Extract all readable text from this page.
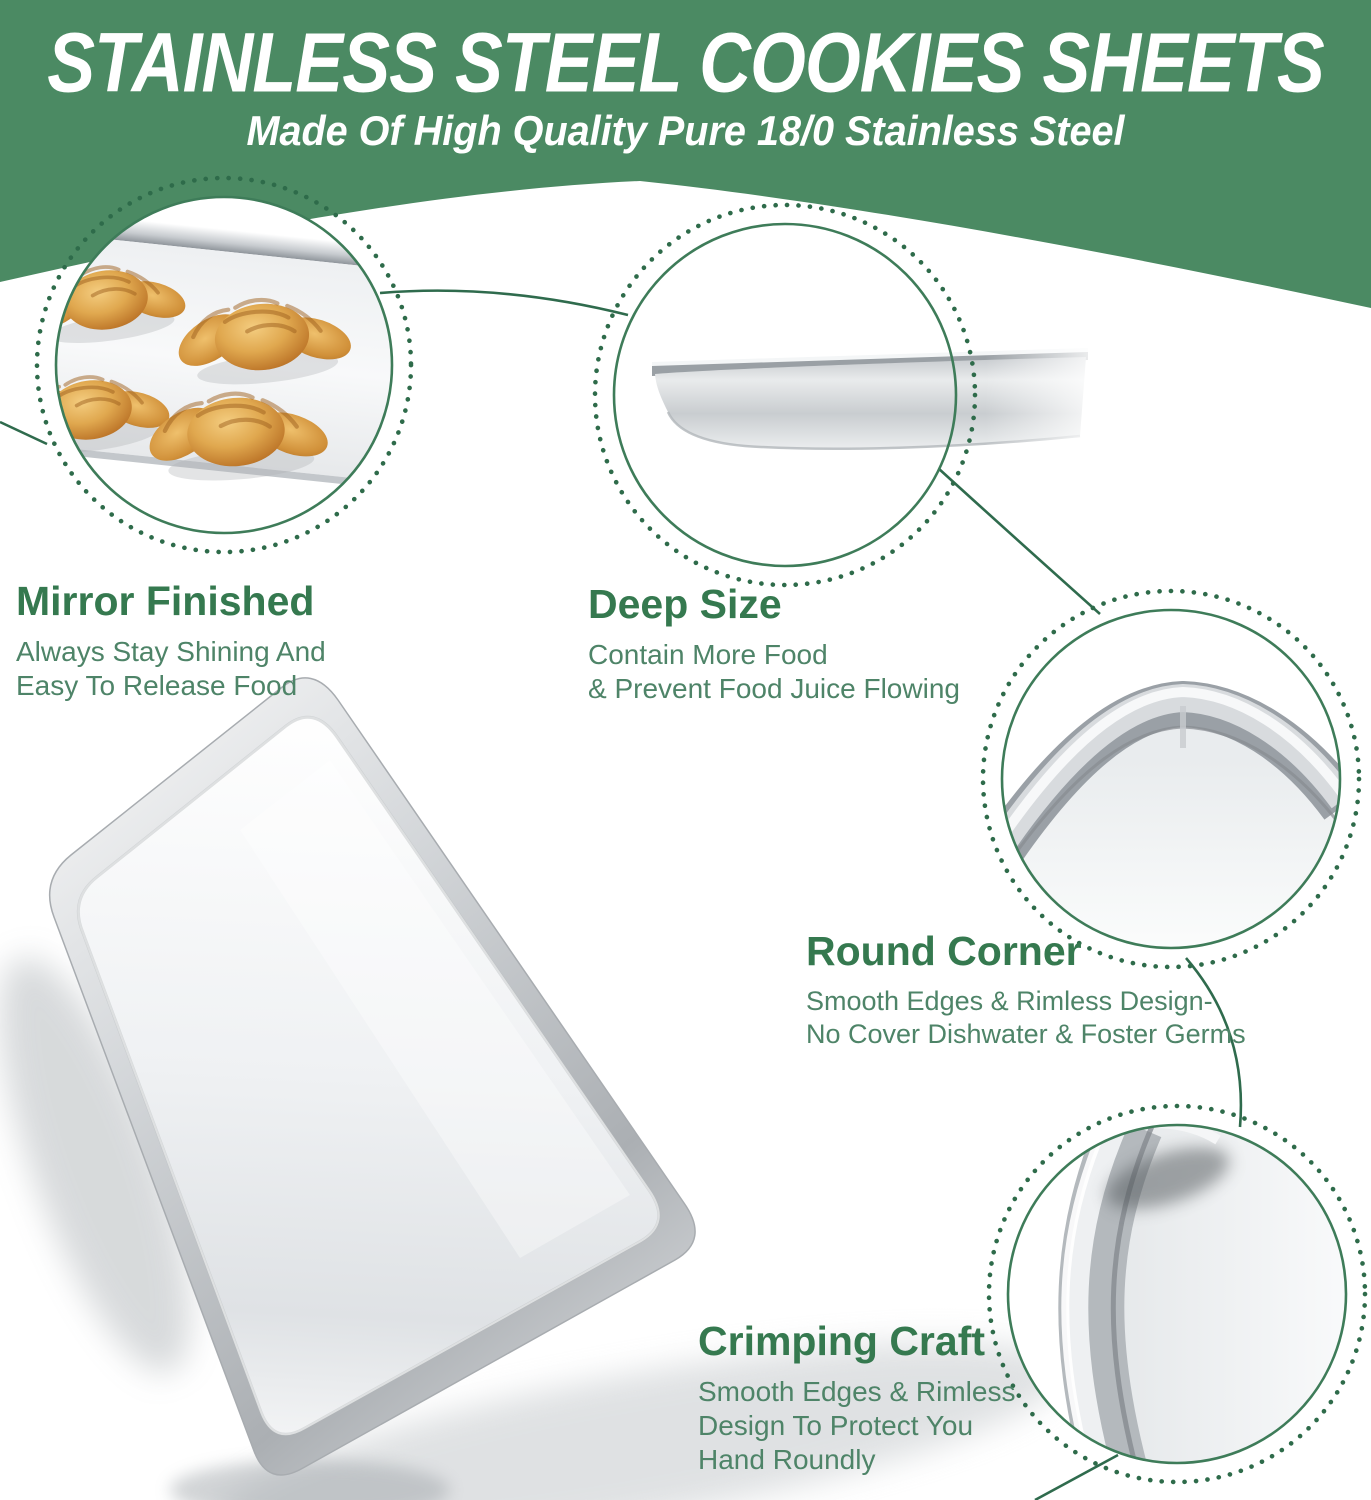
STAINLESS STEEL COOKIES SHEETS
Made Of High Quality Pure 18/0 Stainless Steel
Mirror Finished
Always Stay Shining And
Easy To Release Food
Deep Size
Contain More Food
& Prevent Food Juice Flowing
Round Corner
Smooth Edges & Rimless Design-
No Cover Dishwater & Foster Germs
Crimping Craft
Smooth Edges & Rimless
Design To Protect You
Hand Roundly
